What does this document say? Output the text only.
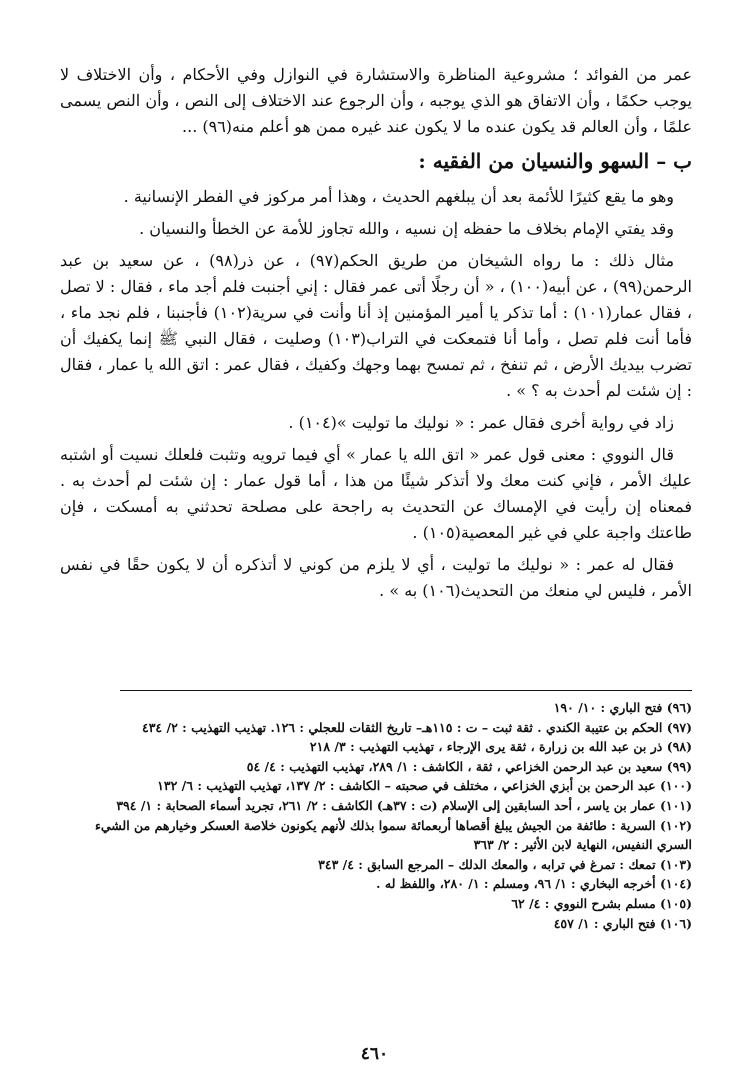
عمر من الفوائد ؛ مشروعية المناظرة والاستشارة في النوازل وفي الأحكام ، وأن الاختلاف لا يوجب حكمًا ، وأن الاتفاق هو الذي يوجبه ، وأن الرجوع عند الاختلاف إلى النص ، وأن النص يسمى علمًا ، وأن العالم قد يكون عنده ما لا يكون عند غيره ممن هو أعلم منه(٩٦) ...

ب – السهو والنسيان من الفقيه :

وهو ما يقع كثيرًا للأئمة بعد أن يبلغهم الحديث ، وهذا أمر مركوز في الفطر الإنسانية .

وقد يفتي الإمام بخلاف ما حفظه إن نسيه ، والله تجاوز للأمة عن الخطأ والنسيان .

مثال ذلك : ما رواه الشيخان من طريق الحكم(٩٧) ، عن ذر(٩٨) ، عن سعيد بن عبد الرحمن(٩٩) ، عن أبيه(١٠٠) ، « أن رجلًا أتى عمر فقال : إني أجنبت فلم أجد ماء ، فقال : لا تصل ، فقال عمار(١٠١) : أما تذكر يا أمير المؤمنين إذ أنا وأنت في سرية(١٠٢) فأجنبنا ، فلم نجد ماء ، فأما أنت فلم تصل ، وأما أنا فتمعكت في التراب(١٠٣) وصليت ، فقال النبي ﷺ إنما يكفيك أن تضرب بيديك الأرض ، ثم تنفخ ، ثم تمسح بهما وجهك وكفيك ، فقال عمر : اتق الله يا عمار ، فقال : إن شئت لم أحدث به ؟ » .

زاد في رواية أخرى فقال عمر : « نوليك ما توليت »(١٠٤) .

قال النووي : معنى قول عمر « اتق الله يا عمار » أي فيما ترويه وتثبت فلعلك نسيت أو اشتبه عليك الأمر ، فإني كنت معك ولا أتذكر شيئًا من هذا ، أما قول عمار : إن شئت لم أحدث به . فمعناه إن رأيت في الإمساك عن التحديث به راجحة على مصلحة تحدثني به أمسكت ، فإن طاعتك واجبة علي في غير المعصية(١٠٥) .

فقال له عمر : « نوليك ما توليت ، أي لا يلزم من كوني لا أتذكره أن لا يكون حقًا في نفس الأمر ، فليس لي منعك من التحديث(١٠٦) به » .

(٩٦) فتح الباري : ١٠/ ١٩٠

(٩٧) الحكم بن عتيبة الكندي . ثقة ثبت – ت : ١١٥هـ– تاريخ الثقات للعجلي : ١٢٦. تهذيب التهذيب : ٢/ ٤٣٤

(٩٨) ذر بن عبد الله بن زرارة ، ثقة يرى الإرجاء ، تهذيب التهذيب : ٣/ ٢١٨

(٩٩) سعيد بن عبد الرحمن الخزاعي ، ثقة ، الكاشف : ١/ ٢٨٩، تهذيب التهذيب : ٤/ ٥٤

(١٠٠) عبد الرحمن بن أبزي الخزاعي ، مختلف في صحبته – الكاشف : ٢/ ١٣٧، تهذيب التهذيب : ٦/ ١٣٢

(١٠١) عمار بن ياسر ، أحد السابقين إلى الإسلام (ت : ٣٧هـ) الكاشف : ٢/ ٢٦١، تجريد أسماء الصحابة : ١/ ٣٩٤

(١٠٢) السرية : طائفة من الجيش يبلغ أقصاها أربعمائة سموا بذلك لأنهم يكونون خلاصة العسكر وخيارهم من الشيء السري النفيس، النهاية لابن الأثير : ٢/ ٣٦٣

(١٠٣) تمعك : تمرغ في ترابه ، والمعك الدلك – المرجع السابق : ٤/ ٣٤٣

(١٠٤) أخرجه البخاري : ١/ ٩٦، ومسلم : ١/ ٢٨٠، واللفظ له .

(١٠٥) مسلم بشرح النووي : ٤/ ٦٢

(١٠٦) فتح الباري : ١/ ٤٥٧

٤٦٠
